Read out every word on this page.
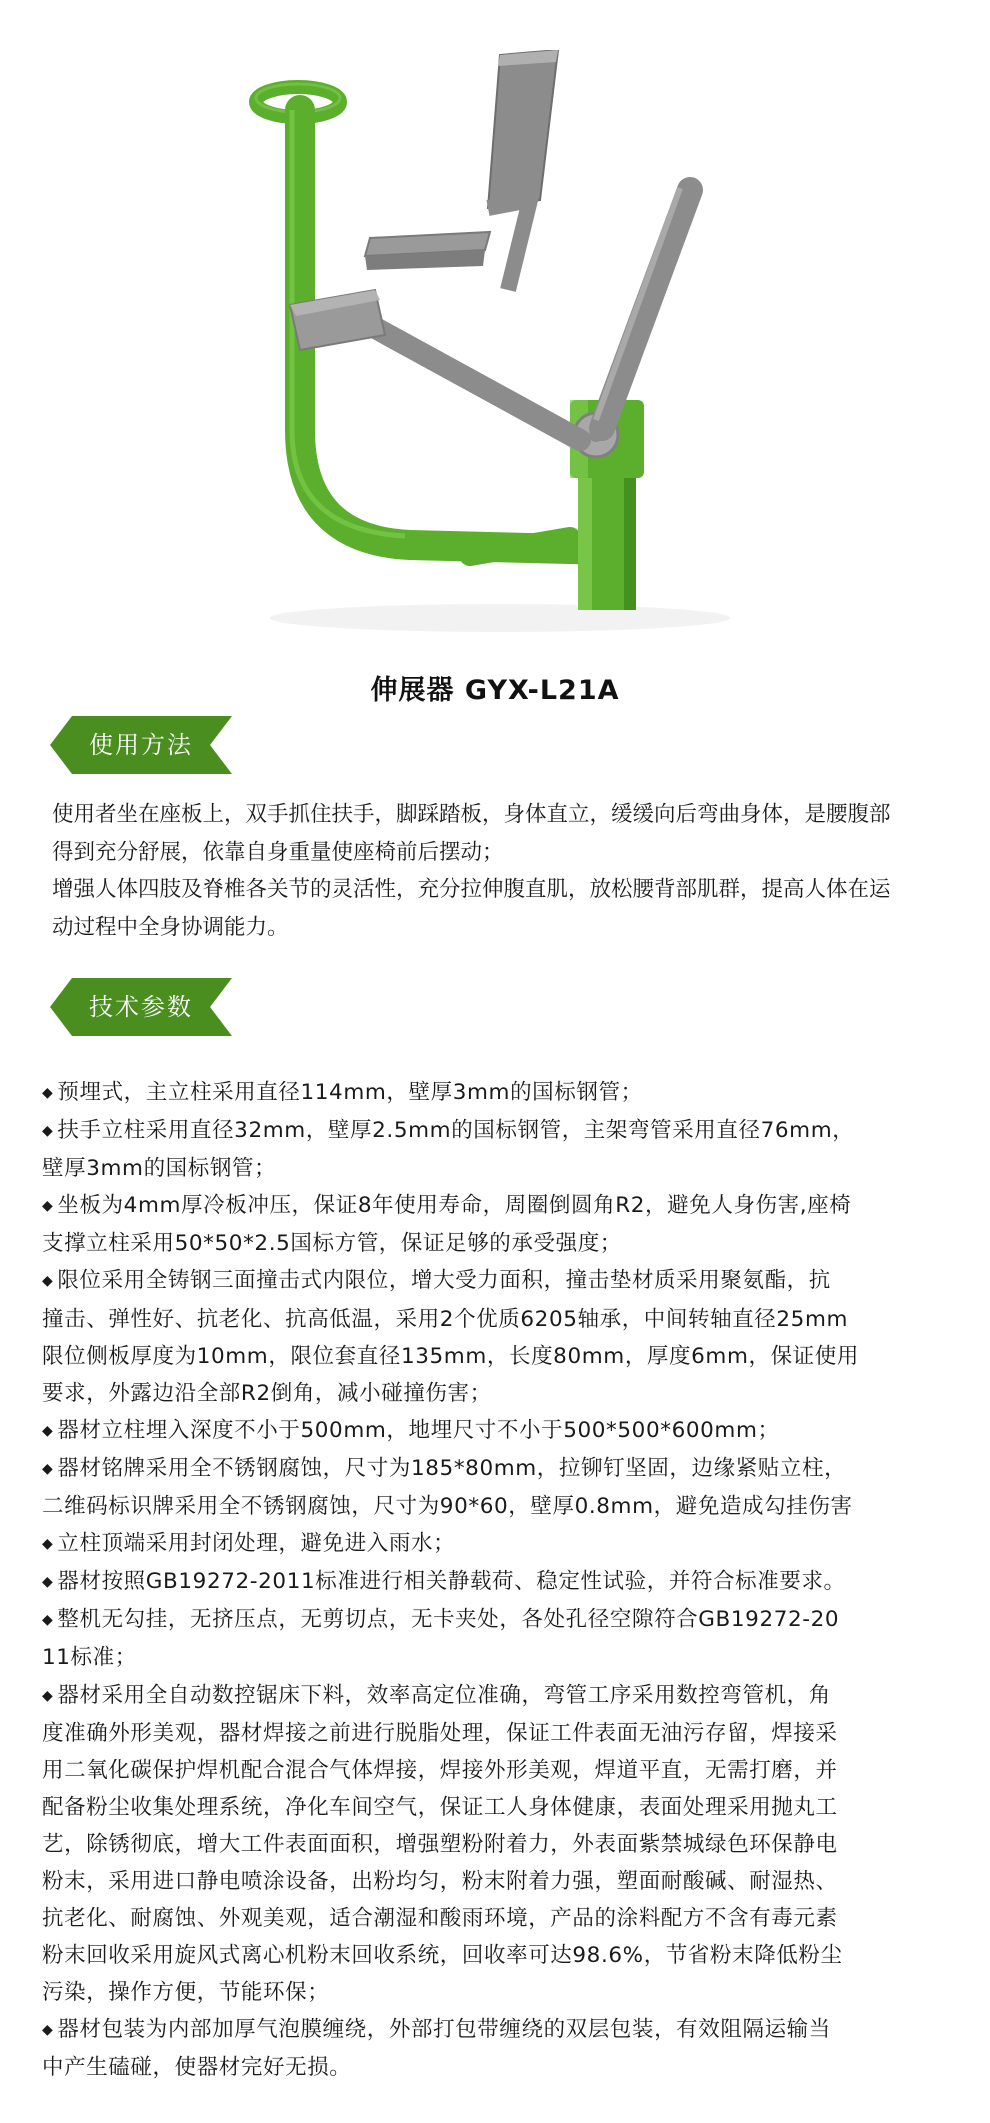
伸展器 GYX-L21A
使用方法

使用者坐在座板上，双手抓住扶手，脚踩踏板，身体直立，缓缓向后弯曲身体，是腰腹部

得到充分舒展，依靠自身重量使座椅前后摆动；

增强人体四肢及脊椎各关节的灵活性，充分拉伸腹直肌，放松腰背部肌群，提高人体在运

动过程中全身协调能力。

技术参数
◆ 预埋式，主立柱采用直径114mm，壁厚3mm的国标钢管；
◆ 扶手立柱采用直径32mm，壁厚2.5mm的国标钢管，主架弯管采用直径76mm，
壁厚3mm的国标钢管；
◆ 坐板为4mm厚冷板冲压，保证8年使用寿命，周圈倒圆角R2，避免人身伤害,座椅
支撑立柱采用50*50*2.5国标方管，保证足够的承受强度；
◆ 限位采用全铸钢三面撞击式内限位，增大受力面积，撞击垫材质采用聚氨酯，抗
撞击、弹性好、抗老化、抗高低温，采用2个优质6205轴承，中间转轴直径25mm
限位侧板厚度为10mm，限位套直径135mm，长度80mm，厚度6mm，保证使用
要求，外露边沿全部R2倒角，减小碰撞伤害；
◆ 器材立柱埋入深度不小于500mm，地埋尺寸不小于500*500*600mm；
◆ 器材铭牌采用全不锈钢腐蚀，尺寸为185*80mm，拉铆钉坚固，边缘紧贴立柱，
二维码标识牌采用全不锈钢腐蚀，尺寸为90*60，壁厚0.8mm，避免造成勾挂伤害
◆ 立柱顶端采用封闭处理，避免进入雨水；
◆ 器材按照GB19272-2011标准进行相关静载荷、稳定性试验，并符合标准要求。
◆ 整机无勾挂，无挤压点，无剪切点，无卡夹处，各处孔径空隙符合GB19272-20
11标准；
◆ 器材采用全自动数控锯床下料，效率高定位准确，弯管工序采用数控弯管机，角
度准确外形美观，器材焊接之前进行脱脂处理，保证工件表面无油污存留，焊接采
用二氧化碳保护焊机配合混合气体焊接，焊接外形美观，焊道平直，无需打磨，并
配备粉尘收集处理系统，净化车间空气，保证工人身体健康，表面处理采用抛丸工
艺，除锈彻底，增大工件表面面积，增强塑粉附着力，外表面紫禁城绿色环保静电
粉末，采用进口静电喷涂设备，出粉均匀，粉末附着力强，塑面耐酸碱、耐湿热、
抗老化、耐腐蚀、外观美观，适合潮湿和酸雨环境，产品的涂料配方不含有毒元素
粉末回收采用旋风式离心机粉末回收系统，回收率可达98.6%，节省粉末降低粉尘
污染，操作方便，节能环保；
◆ 器材包装为内部加厚气泡膜缠绕，外部打包带缠绕的双层包装，有效阻隔运输当
中产生磕碰，使器材完好无损。
